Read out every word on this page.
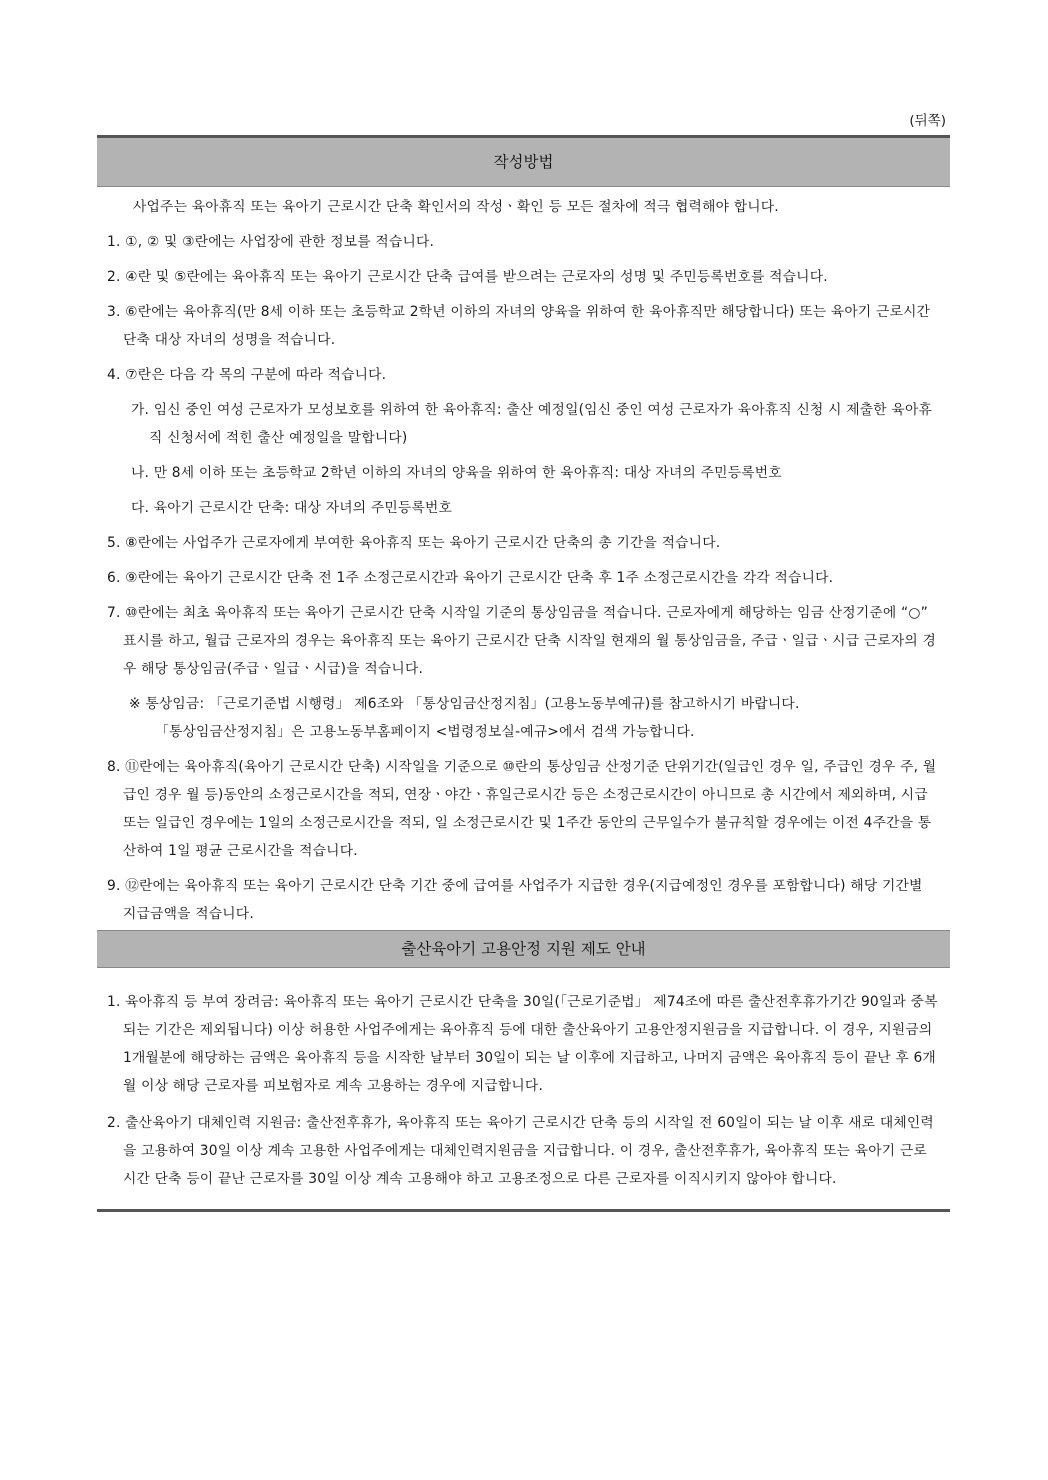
(뒤쪽)
작성방법
사업주는 육아휴직 또는 육아기 근로시간 단축 확인서의 작성ㆍ확인 등 모든 절차에 적극 협력해야 합니다.
1. ①, ② 및 ③란에는 사업장에 관한 정보를 적습니다.
2. ④란 및 ⑤란에는 육아휴직 또는 육아기 근로시간 단축 급여를 받으려는 근로자의 성명 및 주민등록번호를 적습니다.
3. ⑥란에는 육아휴직(만 8세 이하 또는 초등학교 2학년 이하의 자녀의 양육을 위하여 한 육아휴직만 해당합니다) 또는 육아기 근로시간 단축 대상 자녀의 성명을 적습니다.
4. ⑦란은 다음 각 목의 구분에 따라 적습니다.
가. 임신 중인 여성 근로자가 모성보호를 위하여 한 육아휴직: 출산 예정일(임신 중인 여성 근로자가 육아휴직 신청 시 제출한 육아휴직 신청서에 적힌 출산 예정일을 말합니다)
나. 만 8세 이하 또는 초등학교 2학년 이하의 자녀의 양육을 위하여 한 육아휴직: 대상 자녀의 주민등록번호
다. 육아기 근로시간 단축: 대상 자녀의 주민등록번호
5. ⑧란에는 사업주가 근로자에게 부여한 육아휴직 또는 육아기 근로시간 단축의 총 기간을 적습니다.
6. ⑨란에는 육아기 근로시간 단축 전 1주 소정근로시간과 육아기 근로시간 단축 후 1주 소정근로시간을 각각 적습니다.
7. ⑩란에는 최초 육아휴직 또는 육아기 근로시간 단축 시작일 기준의 통상임금을 적습니다. 근로자에게 해당하는 임금 산정기준에 “○” 표시를 하고, 월급 근로자의 경우는 육아휴직 또는 육아기 근로시간 단축 시작일 현재의 월 통상임금을, 주급ㆍ일급ㆍ시급 근로자의 경우 해당 통상임금(주급ㆍ일급ㆍ시급)을 적습니다.
※ 통상임금: 「근로기준법 시행령」 제6조와 「통상임금산정지침」(고용노동부예규)를 참고하시기 바랍니다.
「통상임금산정지침」은 고용노동부홈페이지 <법령정보실-예규>에서 검색 가능합니다.
8. ⑪란에는 육아휴직(육아기 근로시간 단축) 시작일을 기준으로 ⑩란의 통상임금 산정기준 단위기간(일급인 경우 일, 주급인 경우 주, 월급인 경우 월 등)동안의 소정근로시간을 적되, 연장ㆍ야간ㆍ휴일근로시간 등은 소정근로시간이 아니므로 총 시간에서 제외하며, 시급 또는 일급인 경우에는 1일의 소정근로시간을 적되, 일 소정근로시간 및 1주간 동안의 근무일수가 불규칙할 경우에는 이전 4주간을 통산하여 1일 평균 근로시간을 적습니다.
9. ⑫란에는 육아휴직 또는 육아기 근로시간 단축 기간 중에 급여를 사업주가 지급한 경우(지급예정인 경우를 포함합니다) 해당 기간별 지급금액을 적습니다.
출산육아기 고용안정 지원 제도 안내
1. 육아휴직 등 부여 장려금: 육아휴직 또는 육아기 근로시간 단축을 30일(「근로기준법」 제74조에 따른 출산전후휴가기간 90일과 중복되는 기간은 제외됩니다) 이상 허용한 사업주에게는 육아휴직 등에 대한 출산육아기 고용안정지원금을 지급합니다. 이 경우, 지원금의 1개월분에 해당하는 금액은 육아휴직 등을 시작한 날부터 30일이 되는 날 이후에 지급하고, 나머지 금액은 육아휴직 등이 끝난 후 6개월 이상 해당 근로자를 피보험자로 계속 고용하는 경우에 지급합니다.
2. 출산육아기 대체인력 지원금: 출산전후휴가, 육아휴직 또는 육아기 근로시간 단축 등의 시작일 전 60일이 되는 날 이후 새로 대체인력을 고용하여 30일 이상 계속 고용한 사업주에게는 대체인력지원금을 지급합니다. 이 경우, 출산전후휴가, 육아휴직 또는 육아기 근로시간 단축 등이 끝난 근로자를 30일 이상 계속 고용해야 하고 고용조정으로 다른 근로자를 이직시키지 않아야 합니다.
